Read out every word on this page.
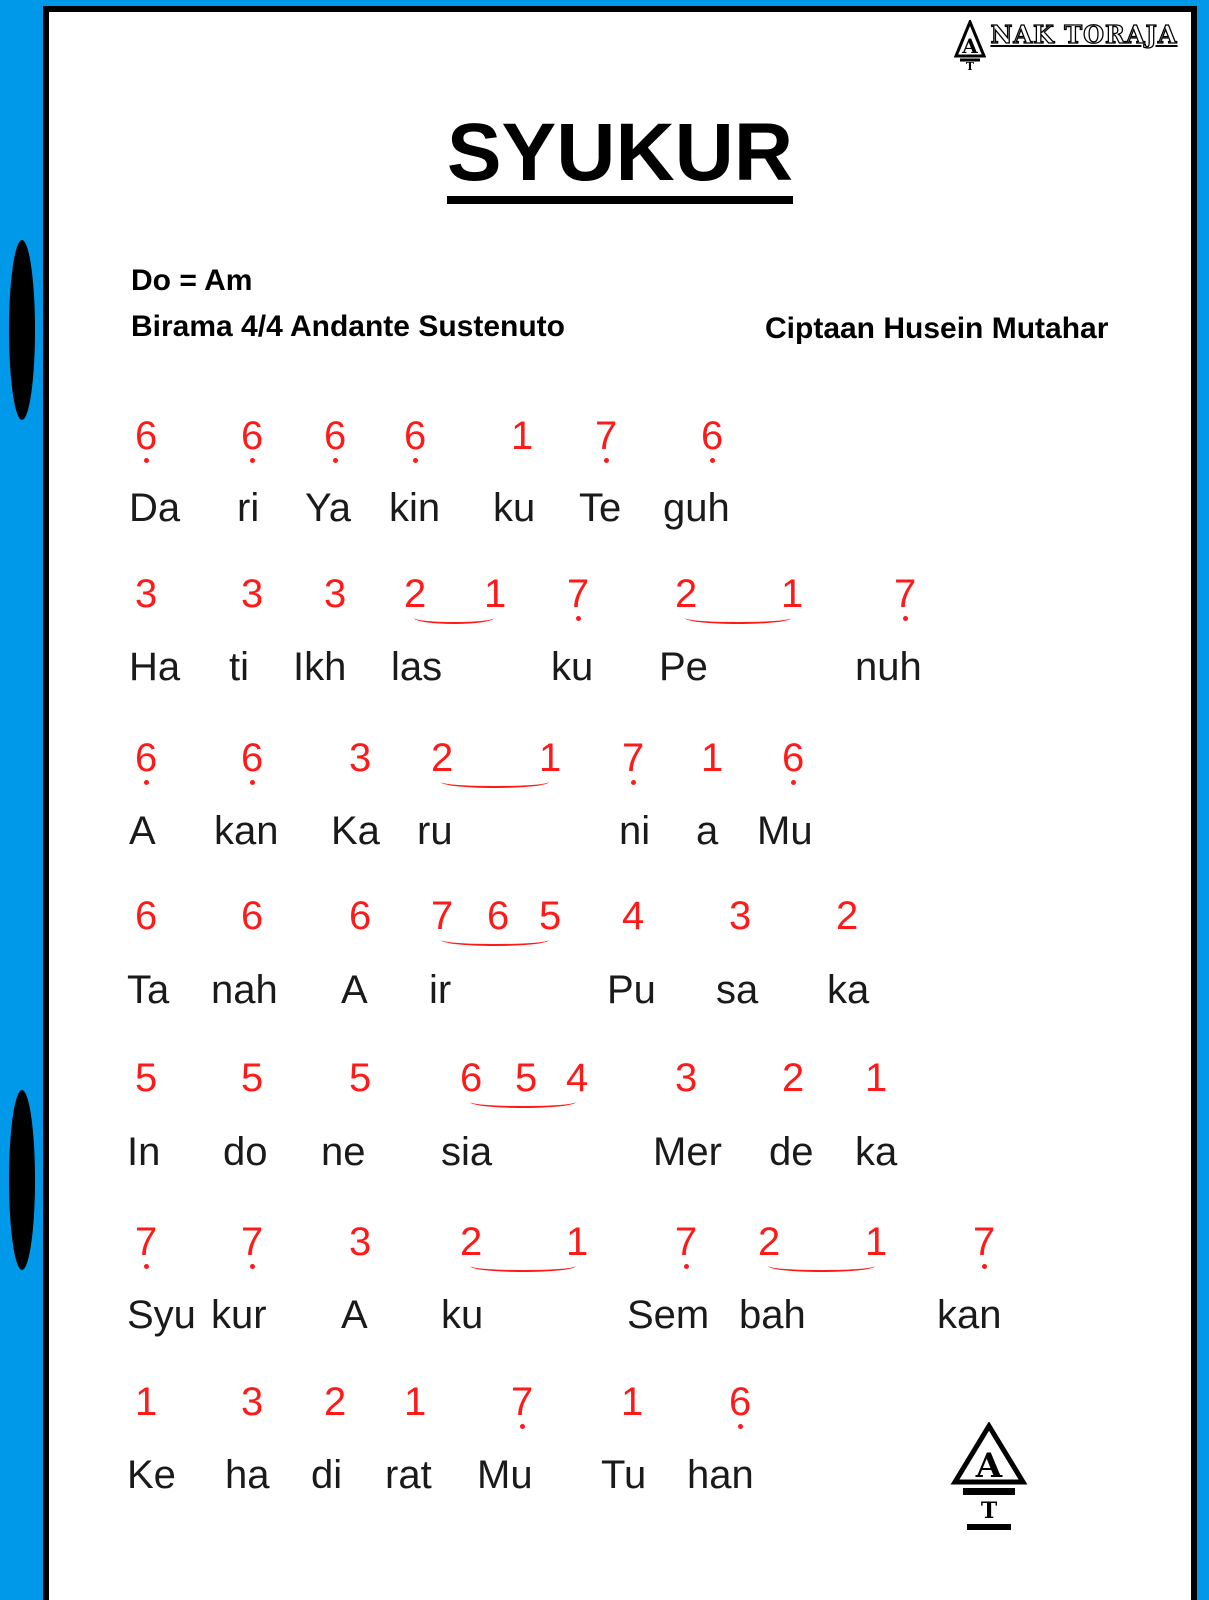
A
T
NAK TORAJA
SYUKUR
Do = Am
Birama 4/4 Andante Sustenuto	Ciptaan Husein Mutahar
6 6 6 6 1 7 6
Da ri Ya kin ku Te guh
3 3 3 2 1 7 2 1 7
Ha ti Ikh las	ku Pe	nuh
6 6 3 2 1 7 1 6
A kan Ka ru	ni a Mu
6 6 6 7 6 5 4 3 2
Ta nah A ir	Pu sa ka
5 5 5 6 5 4 3 2 1
In do ne sia	Mer de ka
7 7 3 2 1 7 2 1 7
Syu kur A ku	Sem bah	kan
1 3 2 1 7 1 6
Ke ha di rat Mu Tu han	A
T
